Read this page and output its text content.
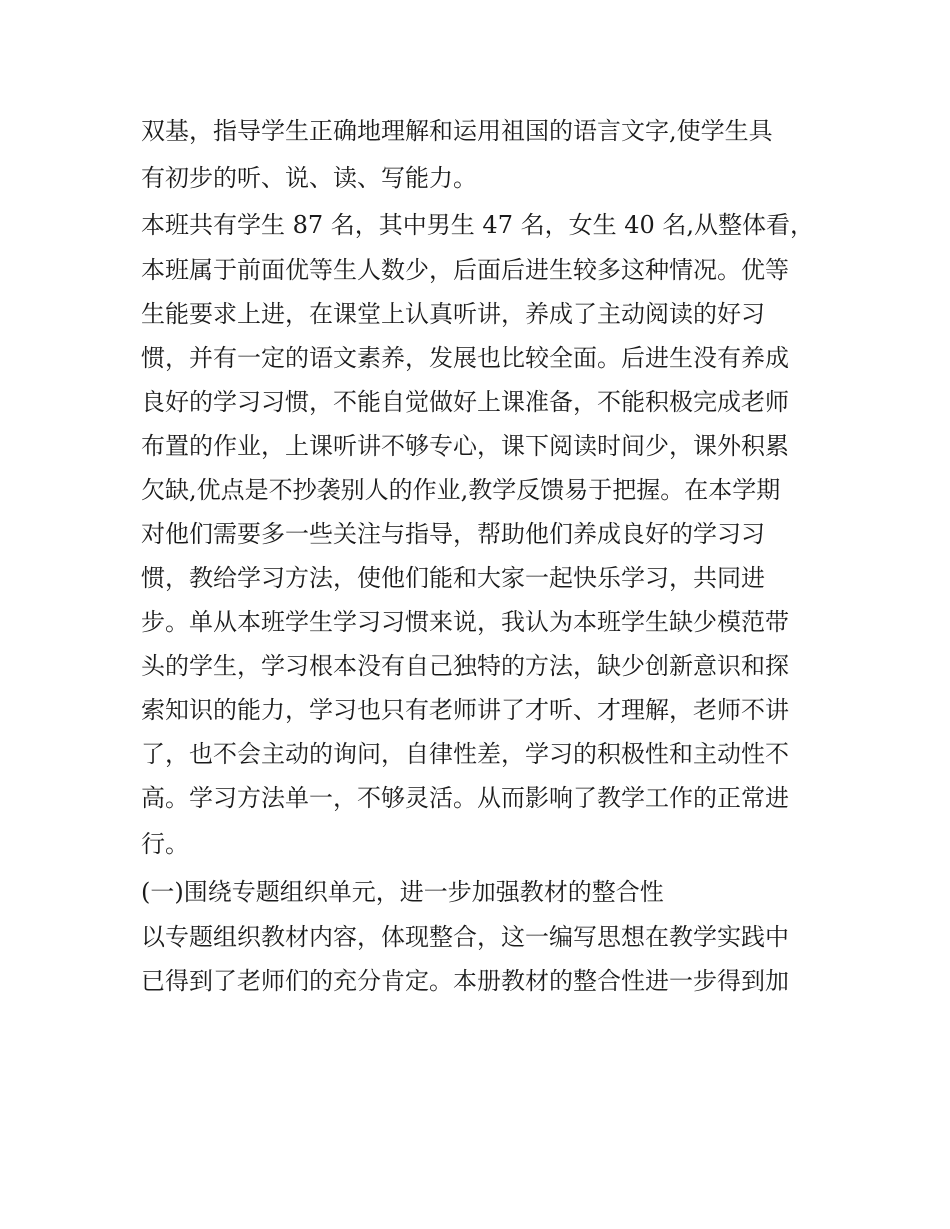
双基，指导学生正确地理解和运用祖国的语言文字,使学生具

有初步的听、说、读、写能力。

本班共有学生 87 名，其中男生 47 名，女生 40 名,从整体看，

本班属于前面优等生人数少，后面后进生较多这种情况。优等

生能要求上进，在课堂上认真听讲，养成了主动阅读的好习

惯，并有一定的语文素养，发展也比较全面。后进生没有养成

良好的学习习惯，不能自觉做好上课准备，不能积极完成老师

布置的作业，上课听讲不够专心，课下阅读时间少，课外积累

欠缺,优点是不抄袭别人的作业,教学反馈易于把握。在本学期

对他们需要多一些关注与指导，帮助他们养成良好的学习习

惯，教给学习方法，使他们能和大家一起快乐学习，共同进

步。单从本班学生学习习惯来说，我认为本班学生缺少模范带

头的学生，学习根本没有自己独特的方法，缺少创新意识和探

索知识的能力，学习也只有老师讲了才听、才理解，老师不讲

了，也不会主动的询问，自律性差，学习的积极性和主动性不

高。学习方法单一，不够灵活。从而影响了教学工作的正常进

行。

(一)围绕专题组织单元，进一步加强教材的整合性

以专题组织教材内容，体现整合，这一编写思想在教学实践中

已得到了老师们的充分肯定。本册教材的整合性进一步得到加
